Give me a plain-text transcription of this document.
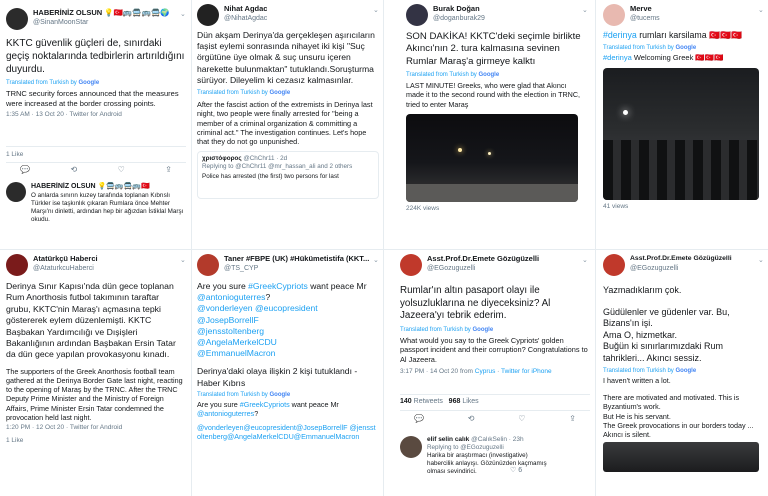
HABERİNİZ OLSUN 💡🇹🇷🚌🚍🚌🚍🌍
@SinanMoonStar
KKTC güvenlik güçleri de, sınırdaki geçiş noktalarında tedbirlerin artırıldığını duyurdu.
Translated from Turkish by Google
TRNC security forces announced that the measures were increased at the border crossing points.
1:35 AM · 13 Oct 20 · Twitter for Android
1 Like
💬	⟲	♡	⇪
HABERİNİZ OLSUN 💡🚍🚌🚍🚌🇹🇷
O anlarda sınırın kuzey tarafında toplanan Kıbrıslı Türkler ise taşkınlık çıkaran Rumlara önce Mehter Marşı'nı dinletti, ardından hep bir ağızdan İstiklal Marşı okudu.
Atatürkçü Haberci
@AtaturkcuHaberci
Derinya Sınır Kapısı'nda dün gece toplanan Rum Anorthosis futbol takımının taraftar grubu, KKTC'nin Maraş'ı açmasına tepki göstererek eylem düzenlemişti. KKTC Başbakan Yardımcılığı ve Dışişleri Bakanlığının ardından Başbakan Ersin Tatar da dün gece yapılan provokasyonu kınadı.
The supporters of the Greek Anorthosis football team gathered at the Derinya Border Gate last night, reacting to the opening of Maraş by the TRNC. After the TRNC Deputy Prime Minister and the Ministry of Foreign Affairs, Prime Minister Ersin Tatar condemned the provocation held last night.
1:20 PM · 12 Oct 20 · Twitter for Android
1 Like
Nihat Agdac
@NihatAgdac
Dün akşam Derinya'da gerçekleşen aşırıcıların faşist eylemi sonrasında nihayet iki kişi "Suç örgütüne üye olmak & suç unsuru içeren harekette bulunmaktan" tutuklandı.Soruşturma sürüyor. Dileyelim ki cezasız kalmasınlar.
Translated from Turkish by Google
After the fascist action of the extremists in Derinya last night, two people were finally arrested for "being a member of a criminal organization & committing a criminal act." The investigation continues. Let's hope that they do not go unpunished.
χριστόφορος @ChChr11 · 2d
Replying to @ChChr11 @mr_hassan_ali and 2 others
Police has arrested (the first) two persons for last
Taner #FBPE (UK) #Hükümetistifa (KKT...
@TS_CYP
Are you sure #GreekCypriots want peace Mr @antonioguterres?
@vonderleyen @eucopresident
@JosepBorrellF
@jensstoltenberg
@AngelaMerkelCDU
@EmmanuelMacron
Derinya'daki olaya ilişkin 2 kişi tutuklandı - Haber Kıbrıs
Translated from Turkish by Google
Are you sure #GreekCypriots want peace Mr @antonioguterres?
@vonderleyen@eucopresident@JosepBorrellF @jensstoltenberg@AngelaMerkelCDU@EmmanuelMacron
Burak Doğan
@doganburak29
SON DAKİKA! KKTC'deki seçimle birlikte Akıncı'nın 2. tura kalmasına sevinen Rumlar Maraş'a girmeye kalktı
Translated from Turkish by Google
LAST MINUTE! Greeks, who were glad that Akıncı made it to the second round with the election in TRNC, tried to enter Maraş
224K views
Asst.Prof.Dr.Emete Gözügüzelli
@EGozuguzelli
Rumlar'ın altın pasaport olayı ile yolsuzluklarına ne diyeceksiniz? Al Jazeera'yı tebrik ederim.
Translated from Turkish by Google
What would you say to the Greek Cypriots' golden passport incident and their corruption? Congratulations to Al Jazeera.
3:17 PM · 14 Oct 20 from Cyprus · Twitter for iPhone
140 Retweets 968 Likes
💬	⟲	♡	⇪
elif selin calık @CalıkSelin · 23h
Replying to @EGozuguzelli
Harika bir araştırmacı (investigative) habercilik anlayışı. Gözünüzden kaçmamış olması sevindirici.	♡ 6
Merve
@tucems
#derinya rumları karsilama 🇹🇷🇹🇷🇹🇷
Translated from Turkish by Google
#derinya Welcoming Greek 🇹🇷🇹🇷🇹🇷
41 views
Asst.Prof.Dr.Emete Gözügüzelli
@EGozuguzelli
Yazmadıklarım çok.
Güdülenler ve güdenler var. Bu, Bizans'ın işi.
Ama O, hizmetkar.
Buğün ki sınırlarımızdaki Rum tahrikleri... Akıncı sessiz.
Translated from Turkish by Google
I haven't written a lot.
There are motivated and motivated. This is Byzantium's work.
But He is his servant.
The Greek provocations in our borders today ... Akıncı is silent.
⌄
⌄	⌄	⌄
⌄	⌄	⌄	⌄
